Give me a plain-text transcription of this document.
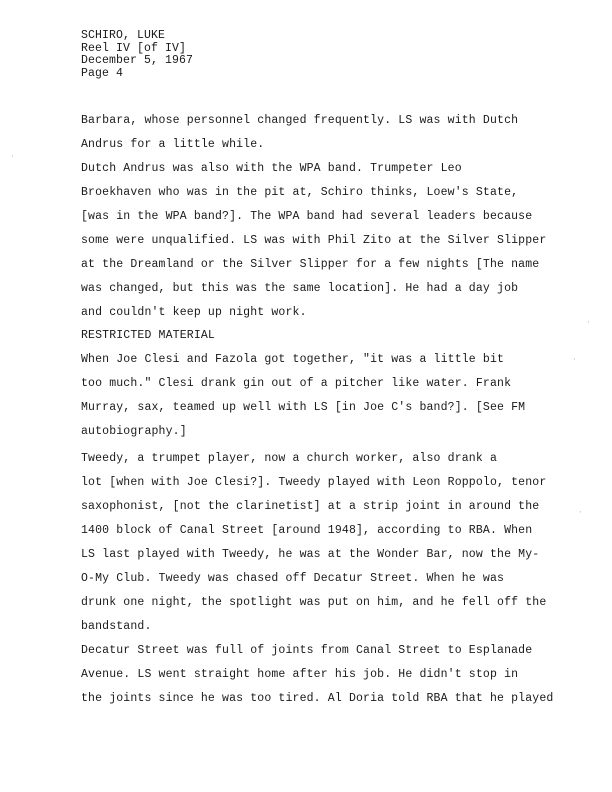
SCHIRO, LUKE
Reel IV [of IV]
December 5, 1967
Page 4
Barbara, whose personnel changed frequently. LS was with Dutch
Andrus for a little while.
Dutch Andrus was also with the WPA band. Trumpeter Leo
Broekhaven who was in the pit at, Schiro thinks, Loew's State,
[was in the WPA band?]. The WPA band had several leaders because
some were unqualified. LS was with Phil Zito at the Silver Slipper
at the Dreamland or the Silver Slipper for a few nights [The name
was changed, but this was the same location]. He had a day job
and couldn't keep up night work.
RESTRICTED MATERIAL
When Joe Clesi and Fazola got together, "it was a little bit
too much." Clesi drank gin out of a pitcher like water. Frank
Murray, sax, teamed up well with LS [in Joe C's band?]. [See FM
autobiography.]
Tweedy, a trumpet player, now a church worker, also drank a
lot [when with Joe Clesi?]. Tweedy played with Leon Roppolo, tenor
saxophonist, [not the clarinetist] at a strip joint in around the
1400 block of Canal Street [around 1948], according to RBA. When
LS last played with Tweedy, he was at the Wonder Bar, now the My-
O-My Club. Tweedy was chased off Decatur Street. When he was
drunk one night, the spotlight was put on him, and he fell off the
bandstand.
Decatur Street was full of joints from Canal Street to Esplanade
Avenue. LS went straight home after his job. He didn't stop in
the joints since he was too tired. Al Doria told RBA that he played
·
·
·
·
